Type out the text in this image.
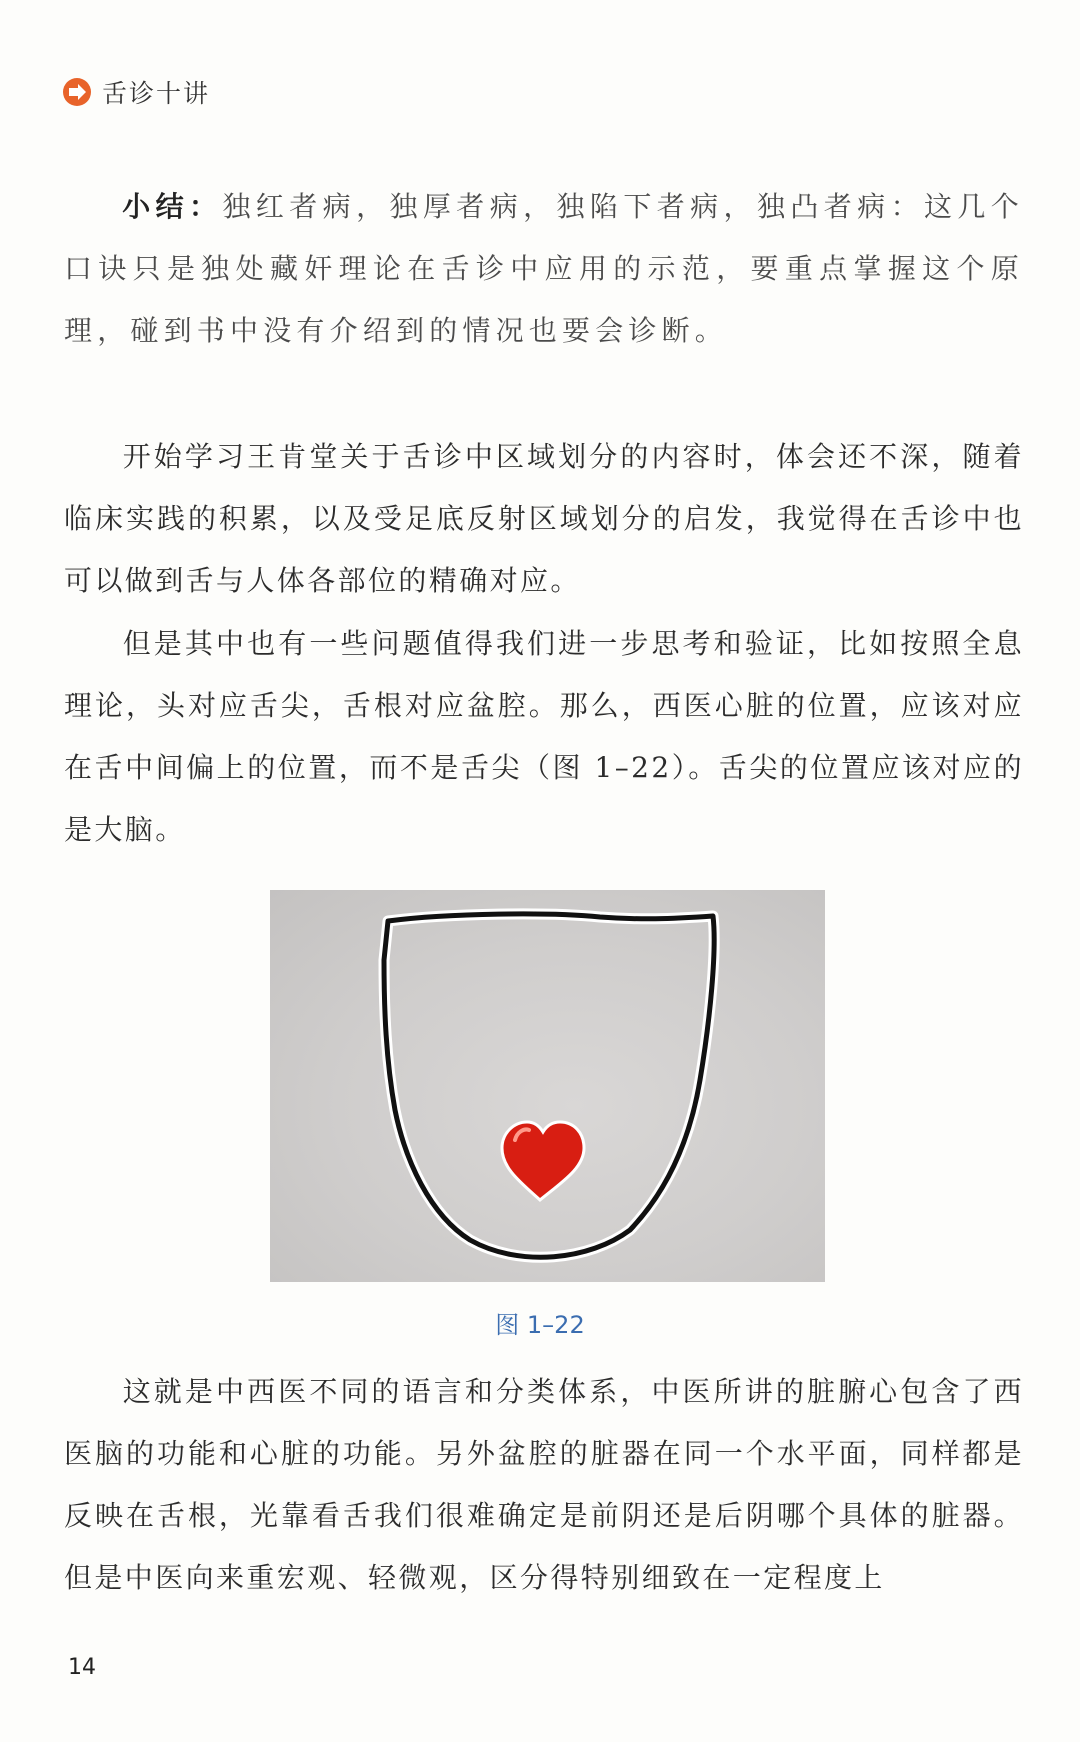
舌诊十讲

小结：独红者病，独厚者病，独陷下者病，独凸者病：这几个口诀只是独处藏奸理论在舌诊中应用的示范，要重点掌握这个原理，碰到书中没有介绍到的情况也要会诊断。

开始学习王肯堂关于舌诊中区域划分的内容时，体会还不深，随着临床实践的积累，以及受足底反射区域划分的启发，我觉得在舌诊中也可以做到舌与人体各部位的精确对应。

但是其中也有一些问题值得我们进一步思考和验证，比如按照全息理论，头对应舌尖，舌根对应盆腔。那么，西医心脏的位置，应该对应在舌中间偏上的位置，而不是舌尖（图 1–22）。舌尖的位置应该对应的是大脑。

图 1–22

这就是中西医不同的语言和分类体系，中医所讲的脏腑心包含了西医脑的功能和心脏的功能。另外盆腔的脏器在同一个水平面，同样都是反映在舌根，光靠看舌我们很难确定是前阴还是后阴哪个具体的脏器。但是中医向来重宏观、轻微观，区分得特别细致在一定程度上

14
